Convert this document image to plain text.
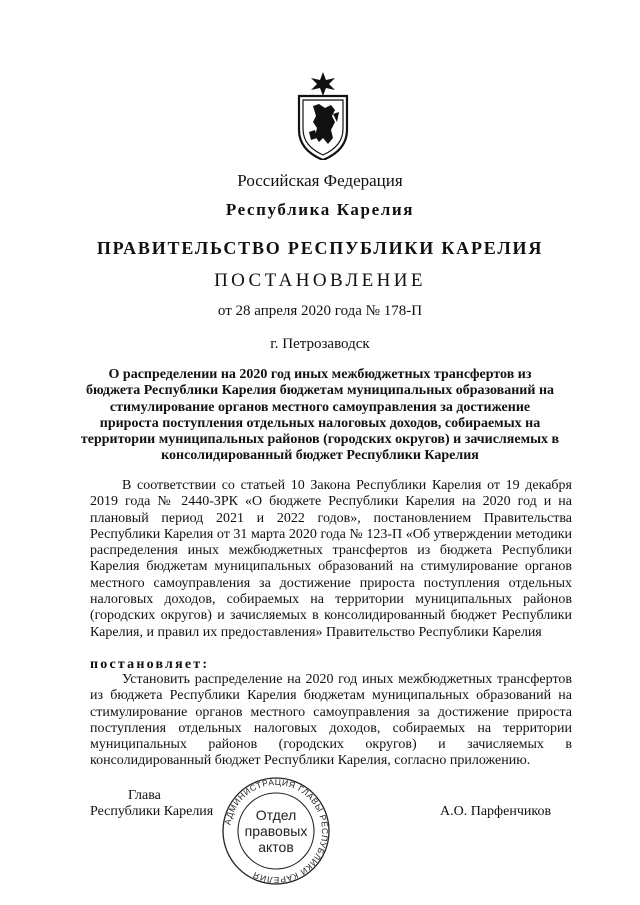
Российская Федерация
Республика Карелия
ПРАВИТЕЛЬСТВО РЕСПУБЛИКИ КАРЕЛИЯ
ПОСТАНОВЛЕНИЕ
от 28 апреля 2020 года № 178-П
г. Петрозаводск
О распределении на 2020 год иных межбюджетных трансфертов из бюджета Республики Карелия бюджетам муниципальных образований на стимулирование органов местного самоуправления за достижение прироста поступления отдельных налоговых доходов, собираемых на территории муниципальных районов (городских округов) и зачисляемых в консолидированный бюджет Республики Карелия
В соответствии со статьей 10 Закона Республики Карелия от 19 декабря 2019 года № 2440-ЗРК «О бюджете Республики Карелия на 2020 год и на плановый период 2021 и 2022 годов», постановлением Правительства Республики Карелия от 31 марта 2020 года № 123-П «Об утверждении методики распределения иных межбюджетных трансфертов из бюджета Республики Карелия бюджетам муниципальных образований на стимулирование органов местного самоуправления за достижение прироста поступления отдельных налоговых доходов, собираемых на территории муниципальных районов (городских округов) и зачисляемых в консолидированный бюджет Республики Карелия, и правил их предоставления» Правительство Республики Карелия
постановляет:
Установить распределение на 2020 год иных межбюджетных трансфертов из бюджета Республики Карелия бюджетам муниципальных образований на стимулирование органов местного самоуправления за достижение прироста поступления отдельных налоговых доходов, собираемых на территории муниципальных районов (городских округов) и зачисляемых в консолидированный бюджет Республики Карелия, согласно приложению.
Глава
Республики Карелия
АДМИНИСТРАЦИЯ ГЛАВЫ РЕСПУБЛИКИ КАРЕЛИЯ
Отдел
правовых
актов
А.О. Парфенчиков
